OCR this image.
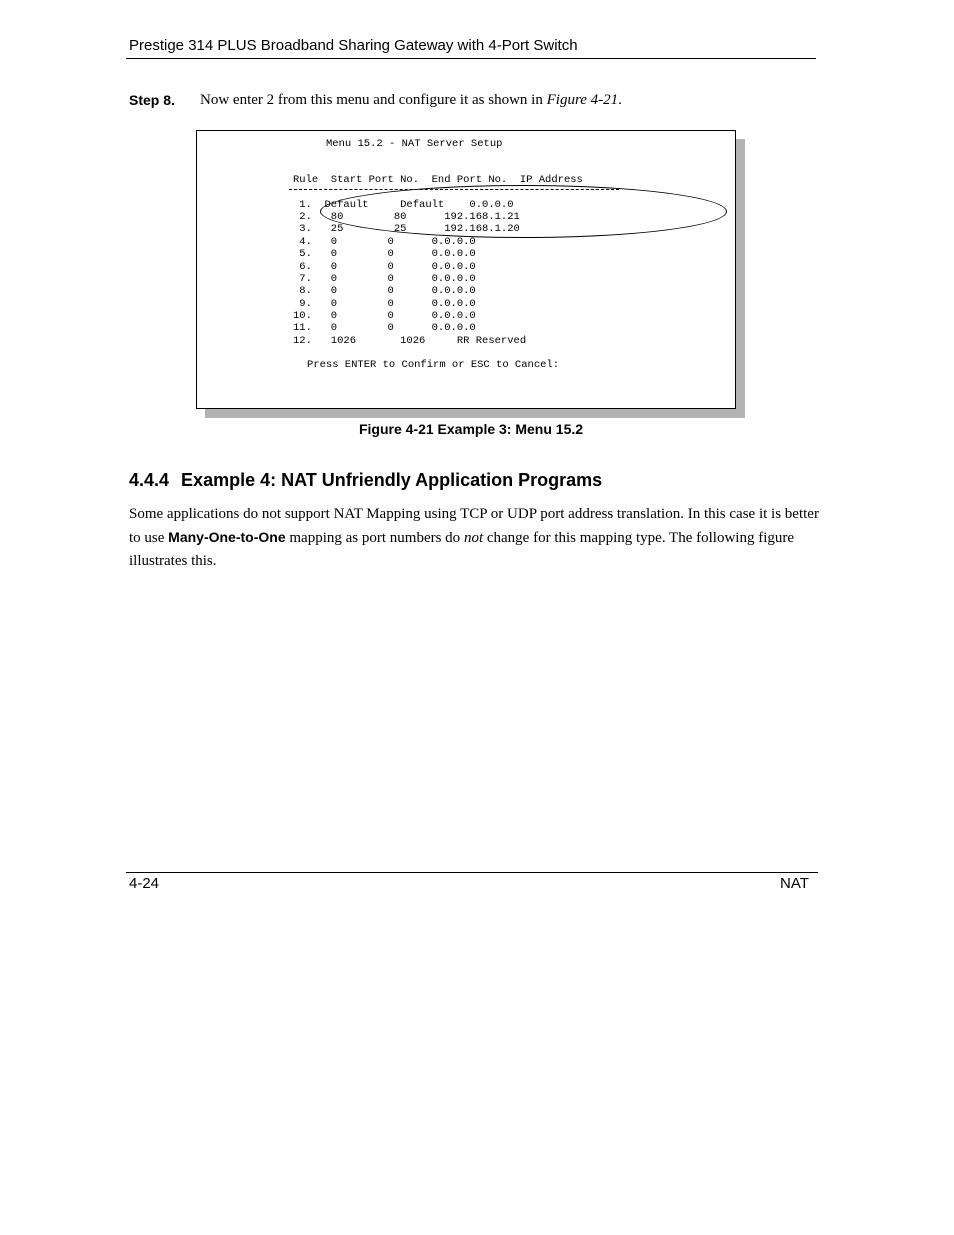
Prestige 314 PLUS Broadband Sharing Gateway with 4-Port Switch
Step 8. Now enter 2 from this menu and configure it as shown in Figure 4-21.
Menu 15.2 - NAT Server Setup
Rule  Start Port No.  End Port No.  IP Address
1.  Default     Default    0.0.0.0
2.   80        80      192.168.1.21
3.   25        25      192.168.1.20
4.   0        0      0.0.0.0
5.   0        0      0.0.0.0
6.   0        0      0.0.0.0
7.   0        0      0.0.0.0
8.   0        0      0.0.0.0
9.   0        0      0.0.0.0
10.   0        0      0.0.0.0
11.   0        0      0.0.0.0
12.   1026       1026     RR Reserved
Press ENTER to Confirm or ESC to Cancel:
Figure 4-21 Example 3: Menu 15.2
4.4.4 Example 4: NAT Unfriendly Application Programs
Some applications do not support NAT Mapping using TCP or UDP port address translation. In this case it is better to use Many-One-to-One mapping as port numbers do not change for this mapping type. The following figure illustrates this.
4-24	NAT
